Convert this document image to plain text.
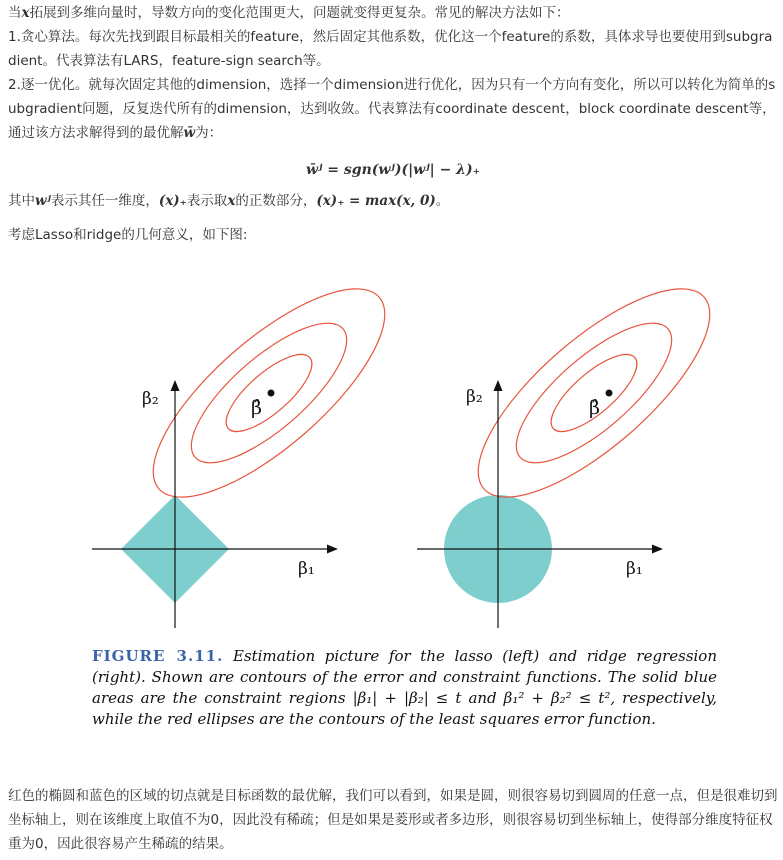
当x拓展到多维向量时，导数方向的变化范围更大，问题就变得更复杂。常见的解决方法如下：

1.贪心算法。每次先找到跟目标最相关的feature，然后固定其他系数，优化这一个feature的系数，具体求导也要使用到subgradient。代表算法有LARS，feature-sign search等。

2.逐一优化。就每次固定其他的dimension，选择一个dimension进行优化，因为只有一个方向有变化，所以可以转化为简单的subgradient问题，反复迭代所有的dimension，达到收敛。代表算法有coordinate descent，block coordinate descent等，通过该方法求解得到的最优解w̄为：

w̄ʲ = sgn(wʲ)(|wʲ| − λ)₊

其中wʲ表示其任一维度，(x)₊表示取x的正数部分，(x)₊ = max(x, 0)。

考虑Lasso和ridge的几何意义，如下图:

β̂
β₂
β₁
β̂
β₂
β₁
FIGURE 3.11. Estimation picture for the lasso (left) and ridge regression (right). Shown are contours of the error and constraint functions. The solid blue areas are the constraint regions |β₁| + |β₂| ≤ t and β₁² + β₂² ≤ t², respectively, while the red ellipses are the contours of the least squares error function.

红色的椭圆和蓝色的区域的切点就是目标函数的最优解，我们可以看到，如果是圆，则很容易切到圆周的任意一点，但是很难切到坐标轴上，则在该维度上取值不为0，因此没有稀疏；但是如果是菱形或者多边形，则很容易切到坐标轴上，使得部分维度特征权重为0，因此很容易产生稀疏的结果。
